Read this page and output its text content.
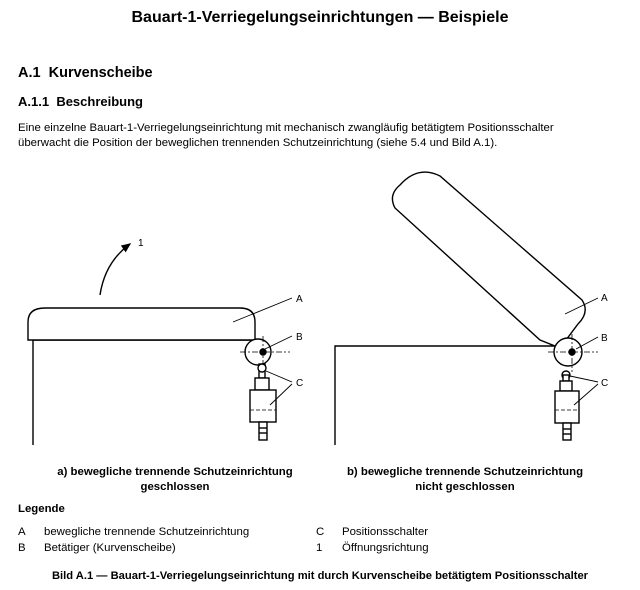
Bauart-1-Verriegelungseinrichtungen — Beispiele
A.1 Kurvenscheibe
A.1.1 Beschreibung

Eine einzelne Bauart-1-Verriegelungseinrichtung mit mechanisch zwangläufig betätigtem Positionsschalter

überwacht die Position der beweglichen trennenden Schutzeinrichtung (siehe 5.4 und Bild A.1).

A
B
C
1
A
B
C
a) bewegliche trennende Schutzeinrichtung
geschlossen
b) bewegliche trennende Schutzeinrichtung
nicht geschlossen
Legende
A bewegliche trennende Schutzeinrichtung
B Betätiger (Kurvenscheibe)
C Positionsschalter
1 Öffnungsrichtung
Bild A.1 — Bauart-1-Verriegelungseinrichtung mit durch Kurvenscheibe betätigtem Positionsschalter
